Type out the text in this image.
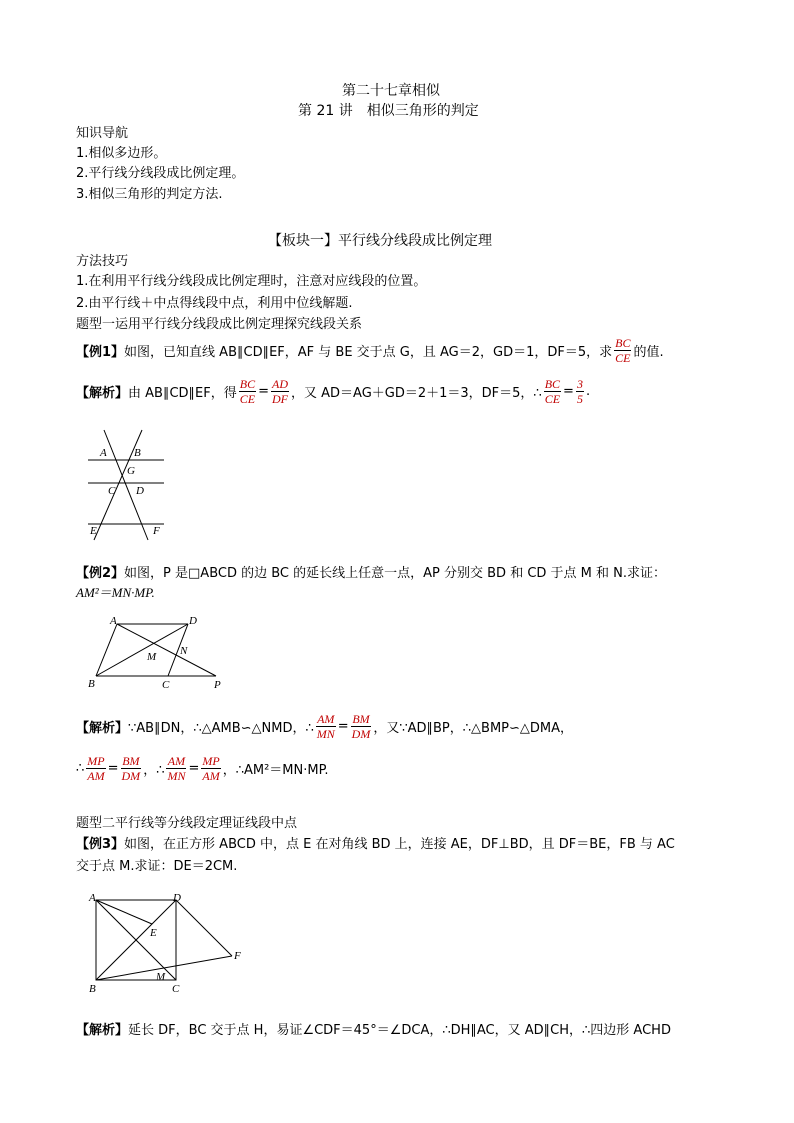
第二十七章相似
第 21 讲　相似三角形的判定
知识导航
1.相似多边形。
2.平行线分线段成比例定理。
3.相似三角形的判定方法.
【板块一】平行线分线段成比例定理
方法技巧
1.在利用平行线分线段成比例定理时，注意对应线段的位置。
2.由平行线＋中点得线段中点，利用中位线解题.
题型一运用平行线分线段成比例定理探究线段关系
【例1】 如图，已知直线 AB∥CD∥EF，AF 与 BE 交于点 G，且 AG＝2，GD＝1，DF＝5，求 $\frac{BC}{CE}$ 的值.
【解析】 由 AB∥CD∥EF，得 $\frac{BC}{CE} = \frac{AD}{DF}$ ，又 AD＝AG＋GD＝2＋1＝3，DF＝5，∴ $\frac{BC}{CE} = \frac{3}{5}$ .
A B
G
C D
E	F
【例2】如图，P 是□ABCD 的边 BC 的延长线上任意一点，AP 分别交 BD 和 CD 于点 M 和 N.求证：
AM²＝MN·MP.
A	D
M N
B	C	P
【解析】 ∵AB∥DN，∴△AMB∽△NMD，∴ $\frac{AM}{MN} = \frac{BM}{DM}$ ，又∵AD∥BP，∴△BMP∽△DMA，
∴ $\frac{MP}{AM} = \frac{BM}{DM}$ ，∴ $\frac{AM}{MN} = \frac{MP}{AM}$ ，∴AM²＝MN·MP.
题型二平行线等分线段定理证线段中点
【例3】如图，在正方形 ABCD 中，点 E 在对角线 BD 上，连接 AE，DF⊥BD，且 DF＝BE，FB 与 AC
交于点 M.求证：DE＝2CM.
A	D
E
F
M
B	C
【解析】延长 DF，BC 交于点 H，易证∠CDF＝45°＝∠DCA，∴DH∥AC，又 AD∥CH，∴四边形 ACHD
